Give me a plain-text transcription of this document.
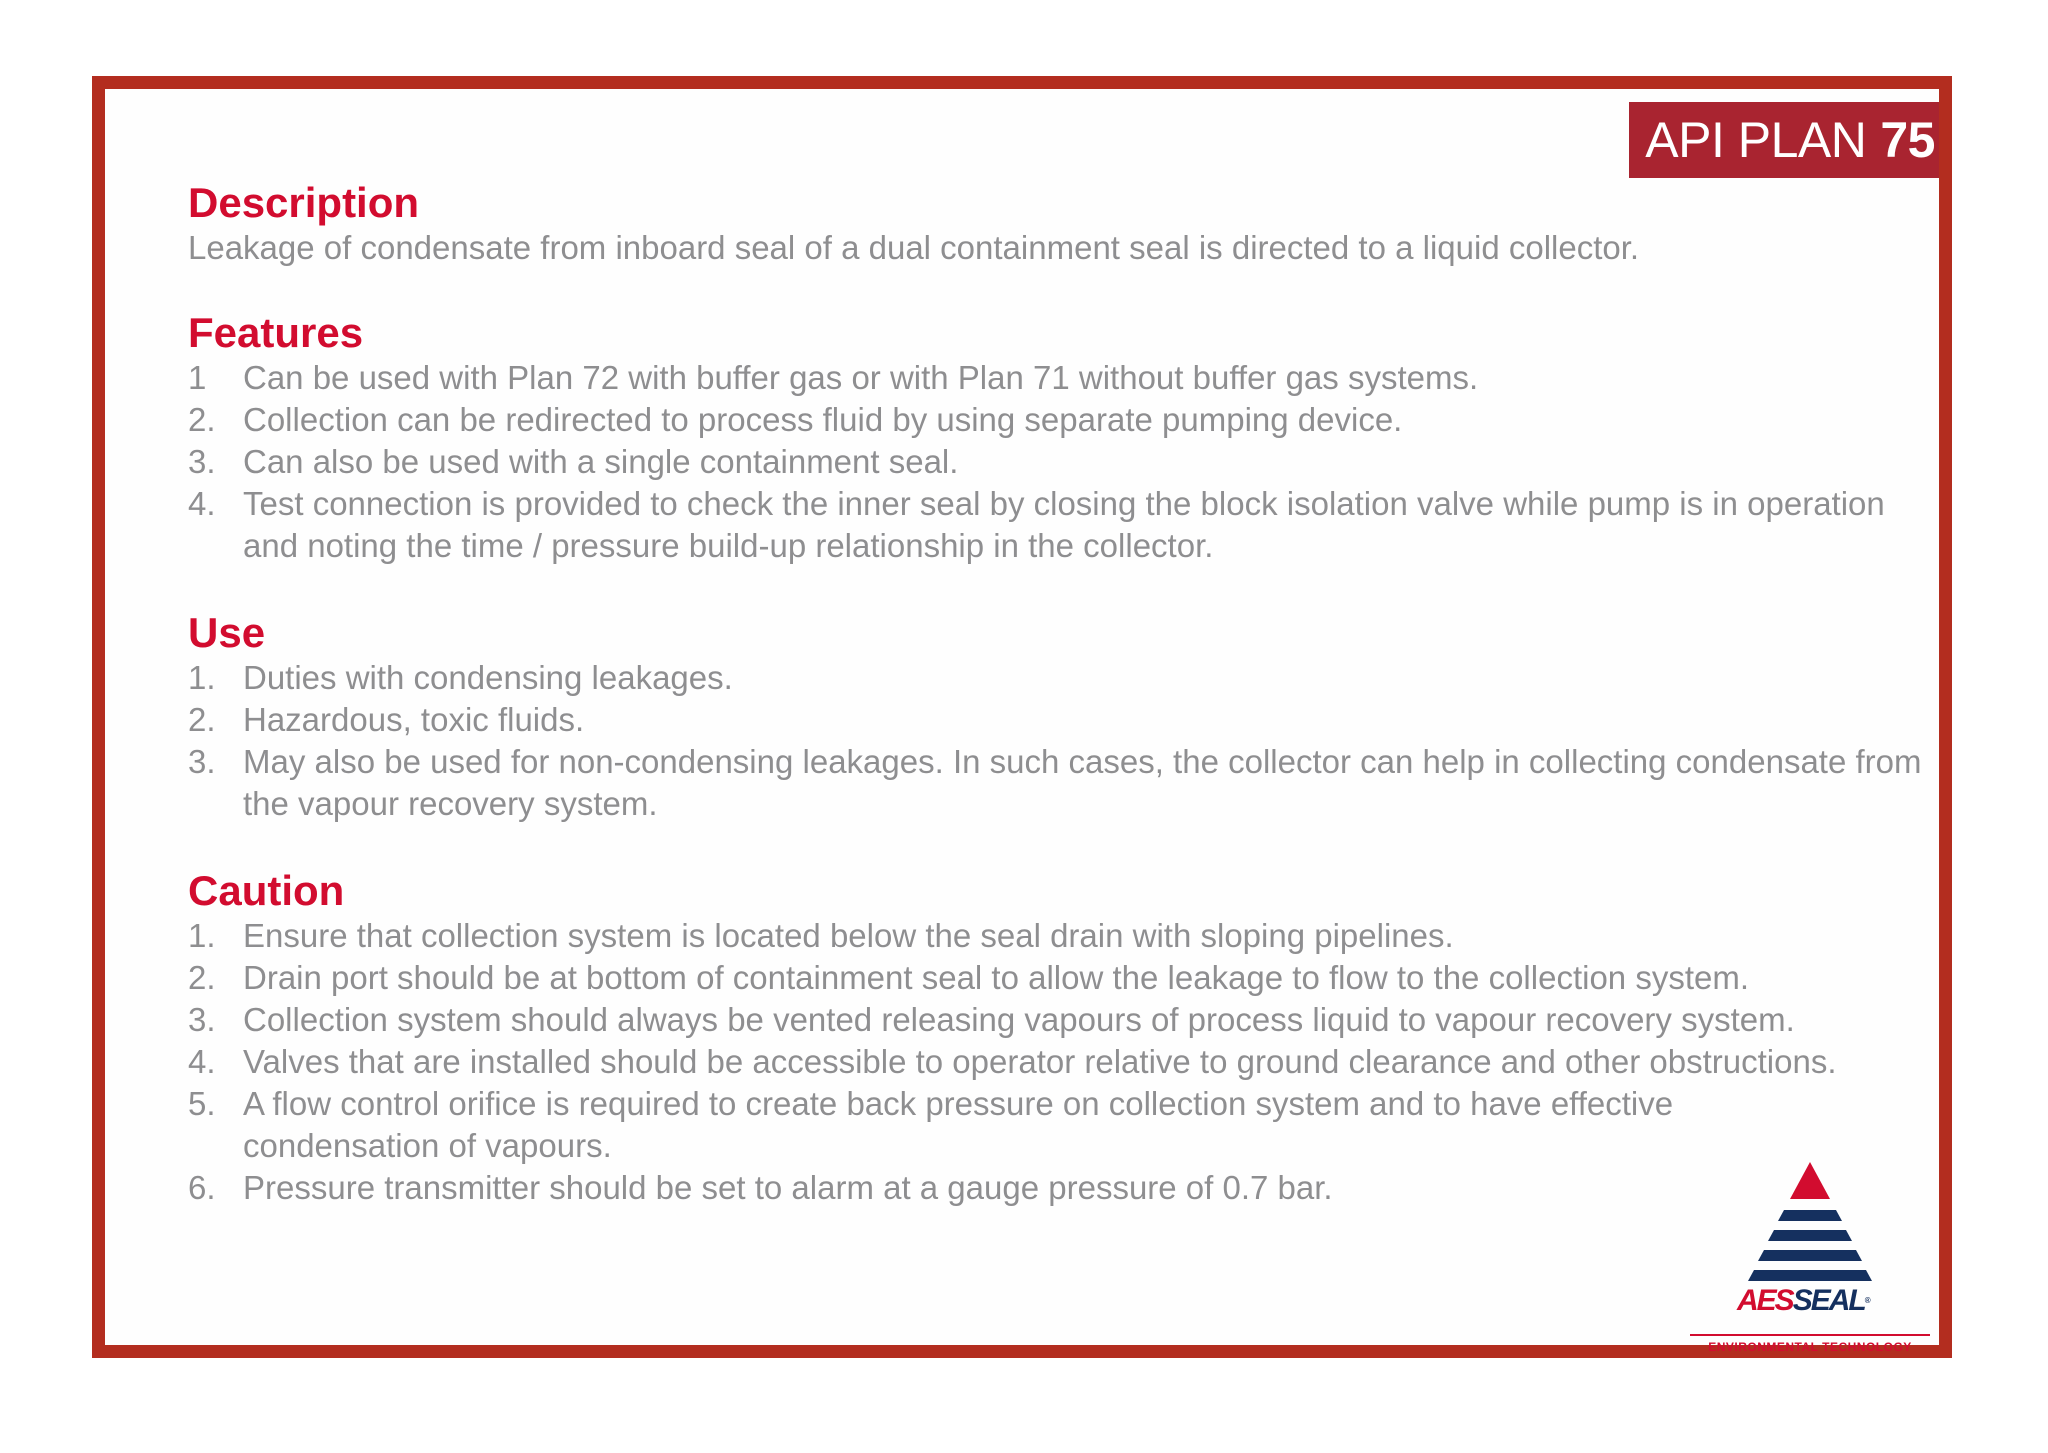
API PLAN 75
Description

Leakage of condensate from inboard seal of a dual containment seal is directed to a liquid collector.

Features
1 Can be used with Plan 72 with buffer gas or with Plan 71 without buffer gas systems.
2. Collection can be redirected to process fluid by using separate pumping device.
3. Can also be used with a single containment seal.
4. Test connection is provided to check the inner seal by closing the block isolation valve while pump is in operation and noting the time / pressure build-up relationship in the collector.
Use
1. Duties with condensing leakages.
2. Hazardous, toxic fluids.
3. May also be used for non-condensing leakages. In such cases, the collector can help in collecting condensate from the vapour recovery system.
Caution
1. Ensure that collection system is located below the seal drain with sloping pipelines.
2. Drain port should be at bottom of containment seal to allow the leakage to flow to the collection system.
3. Collection system should always be vented releasing vapours of process liquid to vapour recovery system.
4. Valves that are installed should be accessible to operator relative to ground clearance and other obstructions.
5. A flow control orifice is required to create back pressure on collection system and to have effective condensation of vapours.
6. Pressure transmitter should be set to alarm at a gauge pressure of 0.7 bar.
AESSEAL®
ENVIRONMENTAL TECHNOLOGY
